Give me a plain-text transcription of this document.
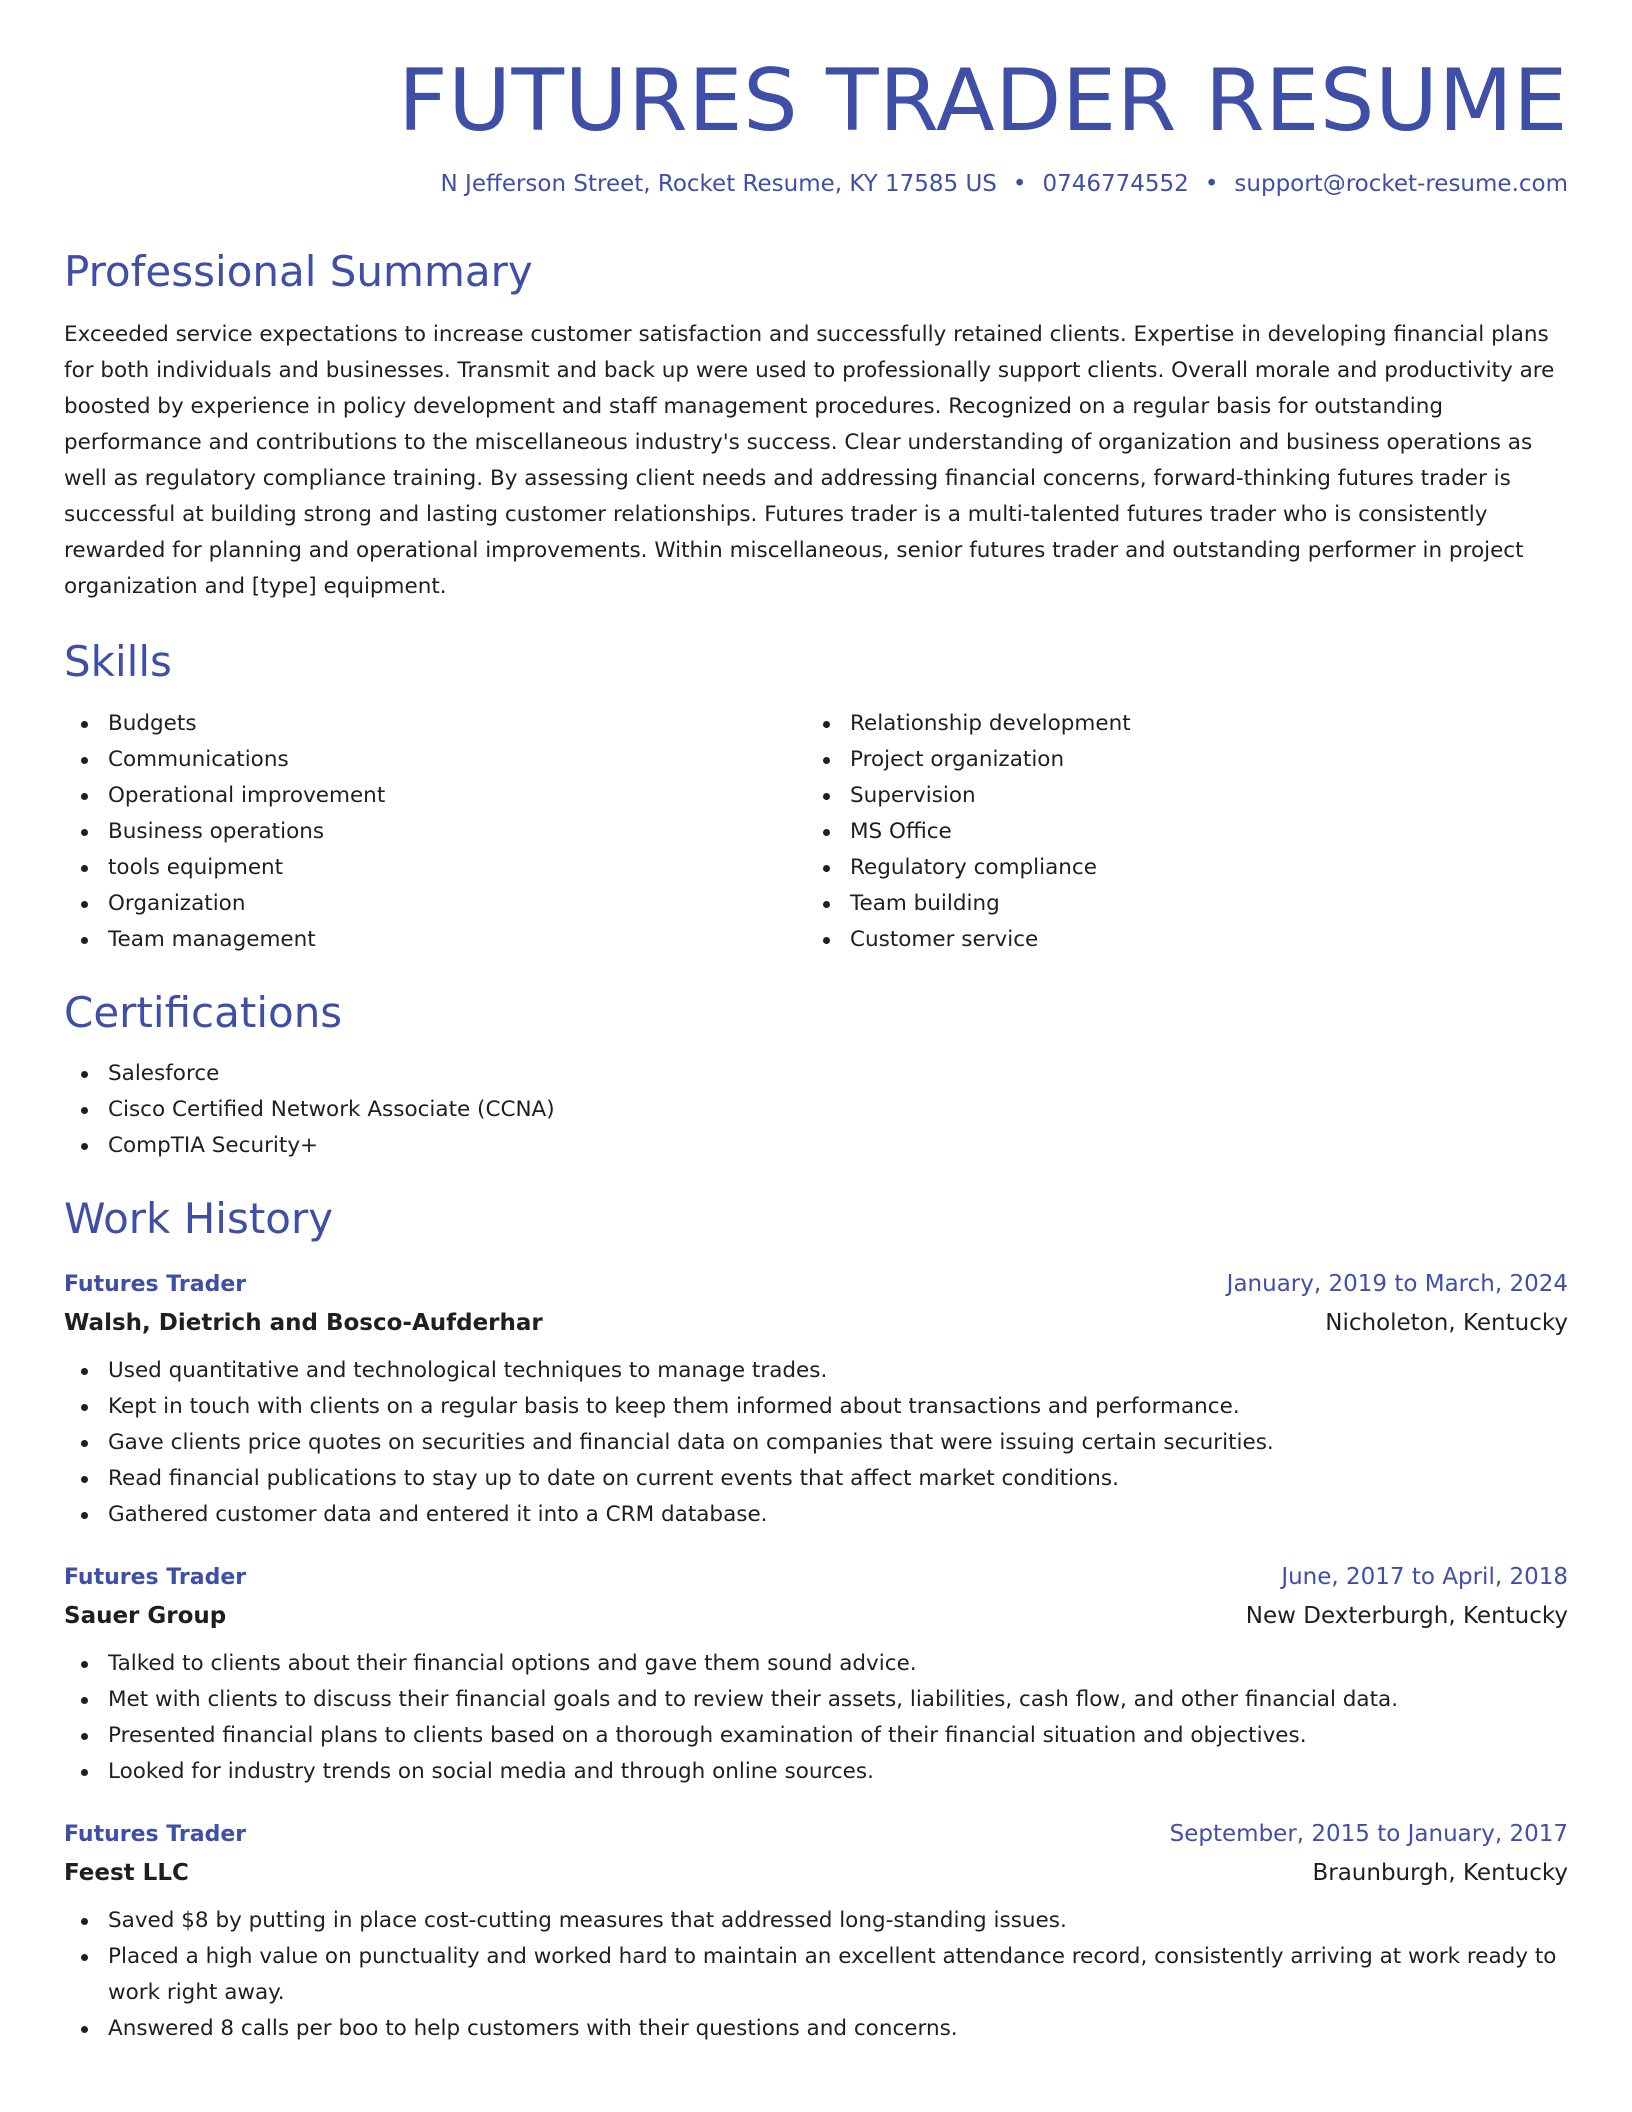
FUTURES TRADER RESUME
N Jefferson Street, Rocket Resume, KY 17585 US • 0746774552 • support@rocket-resume.com
Professional Summary

Exceeded service expectations to increase customer satisfaction and successfully retained clients. Expertise in developing financial plans for both individuals and businesses. Transmit and back up were used to professionally support clients. Overall morale and productivity are boosted by experience in policy development and staff management procedures. Recognized on a regular basis for outstanding performance and contributions to the miscellaneous industry's success. Clear understanding of organization and business operations as well as regulatory compliance training. By assessing client needs and addressing financial concerns, forward-thinking futures trader is successful at building strong and lasting customer relationships. Futures trader is a multi-talented futures trader who is consistently rewarded for planning and operational improvements. Within miscellaneous, senior futures trader and outstanding performer in project organization and [type] equipment.

Skills
Budgets
Communications
Operational improvement
Business operations
tools equipment
Organization
Team management
Relationship development
Project organization
Supervision
MS Office
Regulatory compliance
Team building
Customer service
Certifications
Salesforce
Cisco Certified Network Associate (CCNA)
CompTIA Security+
Work History
Futures Trader	January, 2019 to March, 2024
Walsh, Dietrich and Bosco-Aufderhar	Nicholeton, Kentucky
Used quantitative and technological techniques to manage trades.
Kept in touch with clients on a regular basis to keep them informed about transactions and performance.
Gave clients price quotes on securities and financial data on companies that were issuing certain securities.
Read financial publications to stay up to date on current events that affect market conditions.
Gathered customer data and entered it into a CRM database.
Futures Trader	June, 2017 to April, 2018
Sauer Group	New Dexterburgh, Kentucky
Talked to clients about their financial options and gave them sound advice.
Met with clients to discuss their financial goals and to review their assets, liabilities, cash flow, and other financial data.
Presented financial plans to clients based on a thorough examination of their financial situation and objectives.
Looked for industry trends on social media and through online sources.
Futures Trader	September, 2015 to January, 2017
Feest LLC	Braunburgh, Kentucky
Saved $8 by putting in place cost-cutting measures that addressed long-standing issues.
Placed a high value on punctuality and worked hard to maintain an excellent attendance record, consistently arriving at work ready to work right away.
Answered 8 calls per boo to help customers with their questions and concerns.
